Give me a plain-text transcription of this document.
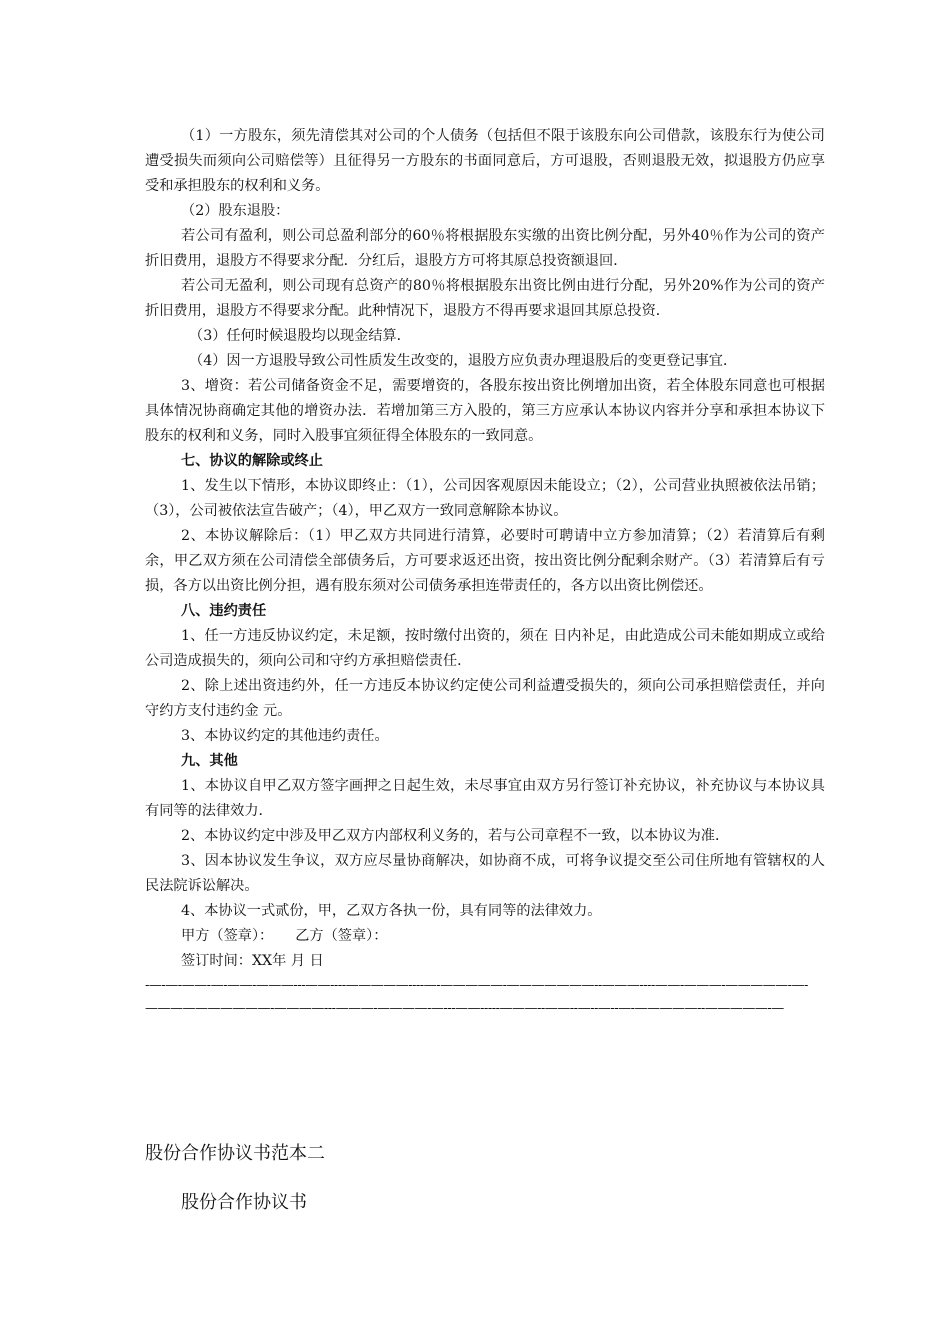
（1）一方股东，须先清偿其对公司的个人债务（包括但不限于该股东向公司借款，该股东行为使公司遭受损失而须向公司赔偿等）且征得另一方股东的书面同意后，方可退股，否则退股无效，拟退股方仍应享受和承担股东的权利和义务。

（2）股东退股：

若公司有盈利，则公司总盈利部分的60％将根据股东实缴的出资比例分配，另外40％作为公司的资产折旧费用，退股方不得要求分配．分红后，退股方方可将其原总投资额退回．

若公司无盈利，则公司现有总资产的80％将根据股东出资比例由进行分配，另外20%作为公司的资产折旧费用，退股方不得要求分配。此种情况下，退股方不得再要求退回其原总投资．

（3）任何时候退股均以现金结算．

（4）因一方退股导致公司性质发生改变的，退股方应负责办理退股后的变更登记事宜．

3、增资：若公司储备资金不足，需要增资的，各股东按出资比例增加出资，若全体股东同意也可根据具体情况协商确定其他的增资办法．若增加第三方入股的，第三方应承认本协议内容并分享和承担本协议下股东的权利和义务，同时入股事宜须征得全体股东的一致同意。

七、协议的解除或终止

1、发生以下情形，本协议即终止：（1），公司因客观原因未能设立；（2），公司营业执照被依法吊销；（3），公司被依法宣告破产；（4），甲乙双方一致同意解除本协议。

2、本协议解除后：（1）甲乙双方共同进行清算，必要时可聘请中立方参加清算；（2）若清算后有剩余，甲乙双方须在公司清偿全部债务后，方可要求返还出资，按出资比例分配剩余财产。（3）若清算后有亏损，各方以出资比例分担，遇有股东须对公司债务承担连带责任的，各方以出资比例偿还。

八、违约责任

1、任一方违反协议约定，未足额，按时缴付出资的，须在 日内补足，由此造成公司未能如期成立或给公司造成损失的，须向公司和守约方承担赔偿责任．

2、除上述出资违约外，任一方违反本协议约定使公司利益遭受损失的，须向公司承担赔偿责任，并向守约方支付违约金 元。

3、本协议约定的其他违约责任。

九、其他

1、本协议自甲乙双方签字画押之日起生效，未尽事宜由双方另行签订补充协议，补充协议与本协议具有同等的法律效力．

2、本协议约定中涉及甲乙双方内部权利义务的，若与公司章程不一致，以本协议为准．

3、因本协议发生争议，双方应尽量协商解决，如协商不成，可将争议提交至公司住所地有管辖权的人民法院诉讼解决。

4、本协议一式贰份，甲，乙双方各执一份，具有同等的法律效力。

甲方（签章）： 乙方（签章）：

签订时间：XX年 月 日

-—-—-——-—-——-———---——----—————----—-—————-———————--———----——-———-—————-—-——————————-————---———-————-—---——-----———--——--—--—--—-—————--—————-—
股份合作协议书范本二
股份合作协议书
